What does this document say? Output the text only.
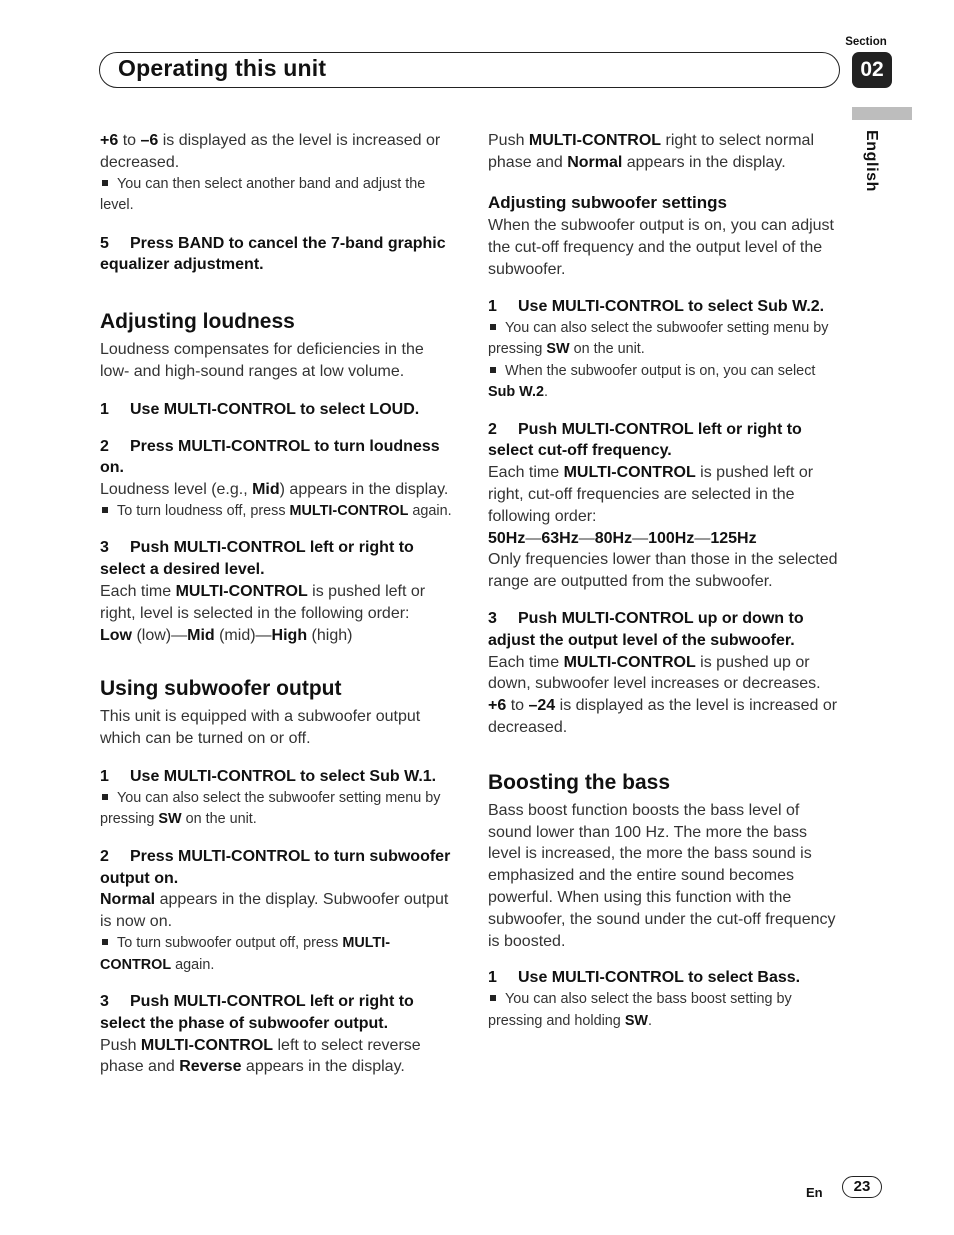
Operating this unit
Section
02
English

+6 to –6 is displayed as the level is increased or decreased.

You can then select another band and adjust the level.

5 Press BAND to cancel the 7-band graphic equalizer adjustment.

Adjusting loudness

Loudness compensates for deficiencies in the low- and high-sound ranges at low volume.

1 Use MULTI-CONTROL to select LOUD.

2 Press MULTI-CONTROL to turn loudness on.

Loudness level (e.g., Mid) appears in the display.

To turn loudness off, press MULTI-CONTROL again.

3 Push MULTI-CONTROL left or right to select a desired level.

Each time MULTI-CONTROL is pushed left or right, level is selected in the following order:

Low (low)—Mid (mid)—High (high)

Using subwoofer output

This unit is equipped with a subwoofer output which can be turned on or off.

1 Use MULTI-CONTROL to select Sub W.1.

You can also select the subwoofer setting menu by pressing SW on the unit.

2 Press MULTI-CONTROL to turn subwoofer output on.

Normal appears in the display. Subwoofer output is now on.

To turn subwoofer output off, press MULTI-CONTROL again.

3 Push MULTI-CONTROL left or right to select the phase of subwoofer output.

Push MULTI-CONTROL left to select reverse phase and Reverse appears in the display.

Push MULTI-CONTROL right to select normal phase and Normal appears in the display.

Adjusting subwoofer settings

When the subwoofer output is on, you can adjust the cut-off frequency and the output level of the subwoofer.

1 Use MULTI-CONTROL to select Sub W.2.

You can also select the subwoofer setting menu by pressing SW on the unit.

When the subwoofer output is on, you can select Sub W.2.

2 Push MULTI-CONTROL left or right to select cut-off frequency.

Each time MULTI-CONTROL is pushed left or right, cut-off frequencies are selected in the following order:

50Hz—63Hz—80Hz—100Hz—125Hz

Only frequencies lower than those in the selected range are outputted from the subwoofer.

3 Push MULTI-CONTROL up or down to adjust the output level of the subwoofer.

Each time MULTI-CONTROL is pushed up or down, subwoofer level increases or decreases.

+6 to –24 is displayed as the level is increased or decreased.

Boosting the bass

Bass boost function boosts the bass level of sound lower than 100 Hz. The more the bass level is increased, the more the bass sound is emphasized and the entire sound becomes powerful. When using this function with the subwoofer, the sound under the cut-off frequency is boosted.

1 Use MULTI-CONTROL to select Bass.

You can also select the bass boost setting by pressing and holding SW.

En	23
